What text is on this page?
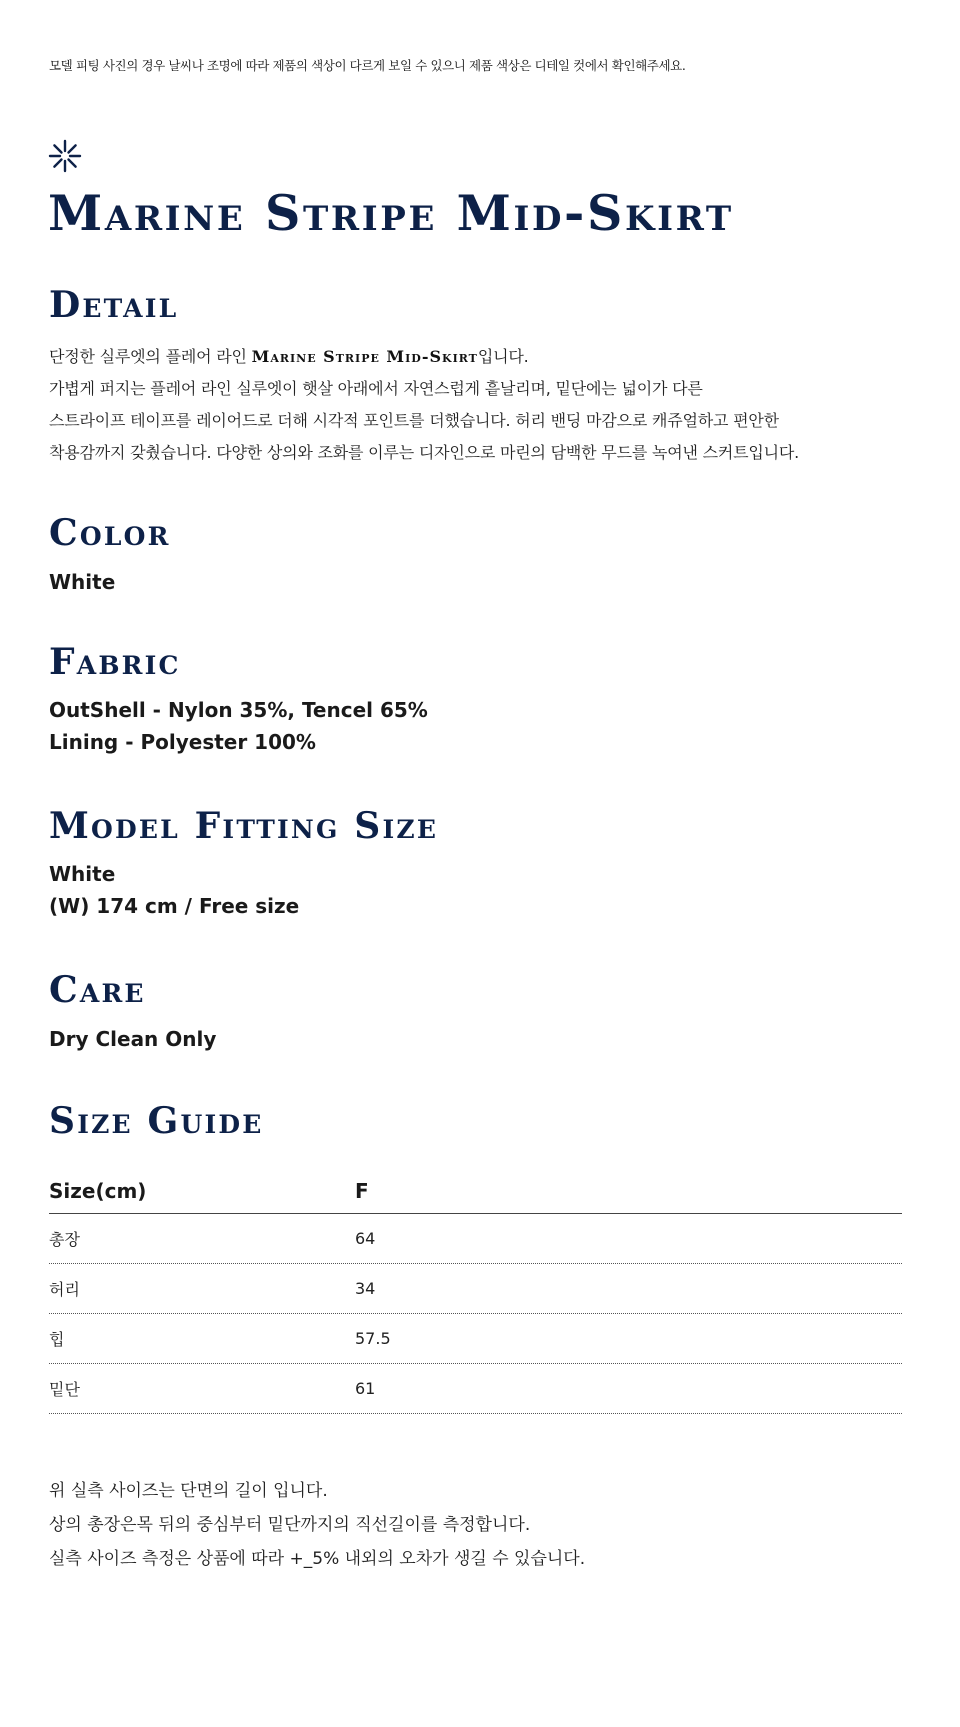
모델 피팅 사진의 경우 날씨나 조명에 따라 제품의 색상이 다르게 보일 수 있으니 제품 색상은 디테일 컷에서 확인해주세요.
Marine Stripe Mid-Skirt
Detail
단정한 실루엣의 플레어 라인 Marine Stripe Mid-Skirt입니다.
가볍게 퍼지는 플레어 라인 실루엣이 햇살 아래에서 자연스럽게 흩날리며, 밑단에는 넓이가 다른
스트라이프 테이프를 레이어드로 더해 시각적 포인트를 더했습니다. 허리 밴딩 마감으로 캐쥬얼하고 편안한
착용감까지 갖췄습니다. 다양한 상의와 조화를 이루는 디자인으로 마린의 담백한 무드를 녹여낸 스커트입니다.
Color
White
Fabric
OutShell - Nylon 35%, Tencel 65%
Lining - Polyester 100%
Model Fitting Size
White
(W) 174 cm / Free size
Care
Dry Clean Only
Size Guide
Size(cm)	F
총장	64
허리	34
힙	57.5
밑단	61
위 실측 사이즈는 단면의 길이 입니다.
상의 총장은목 뒤의 중심부터 밑단까지의 직선길이를 측정합니다.
실측 사이즈 측정은 상품에 따라 +_5% 내외의 오차가 생길 수 있습니다.
